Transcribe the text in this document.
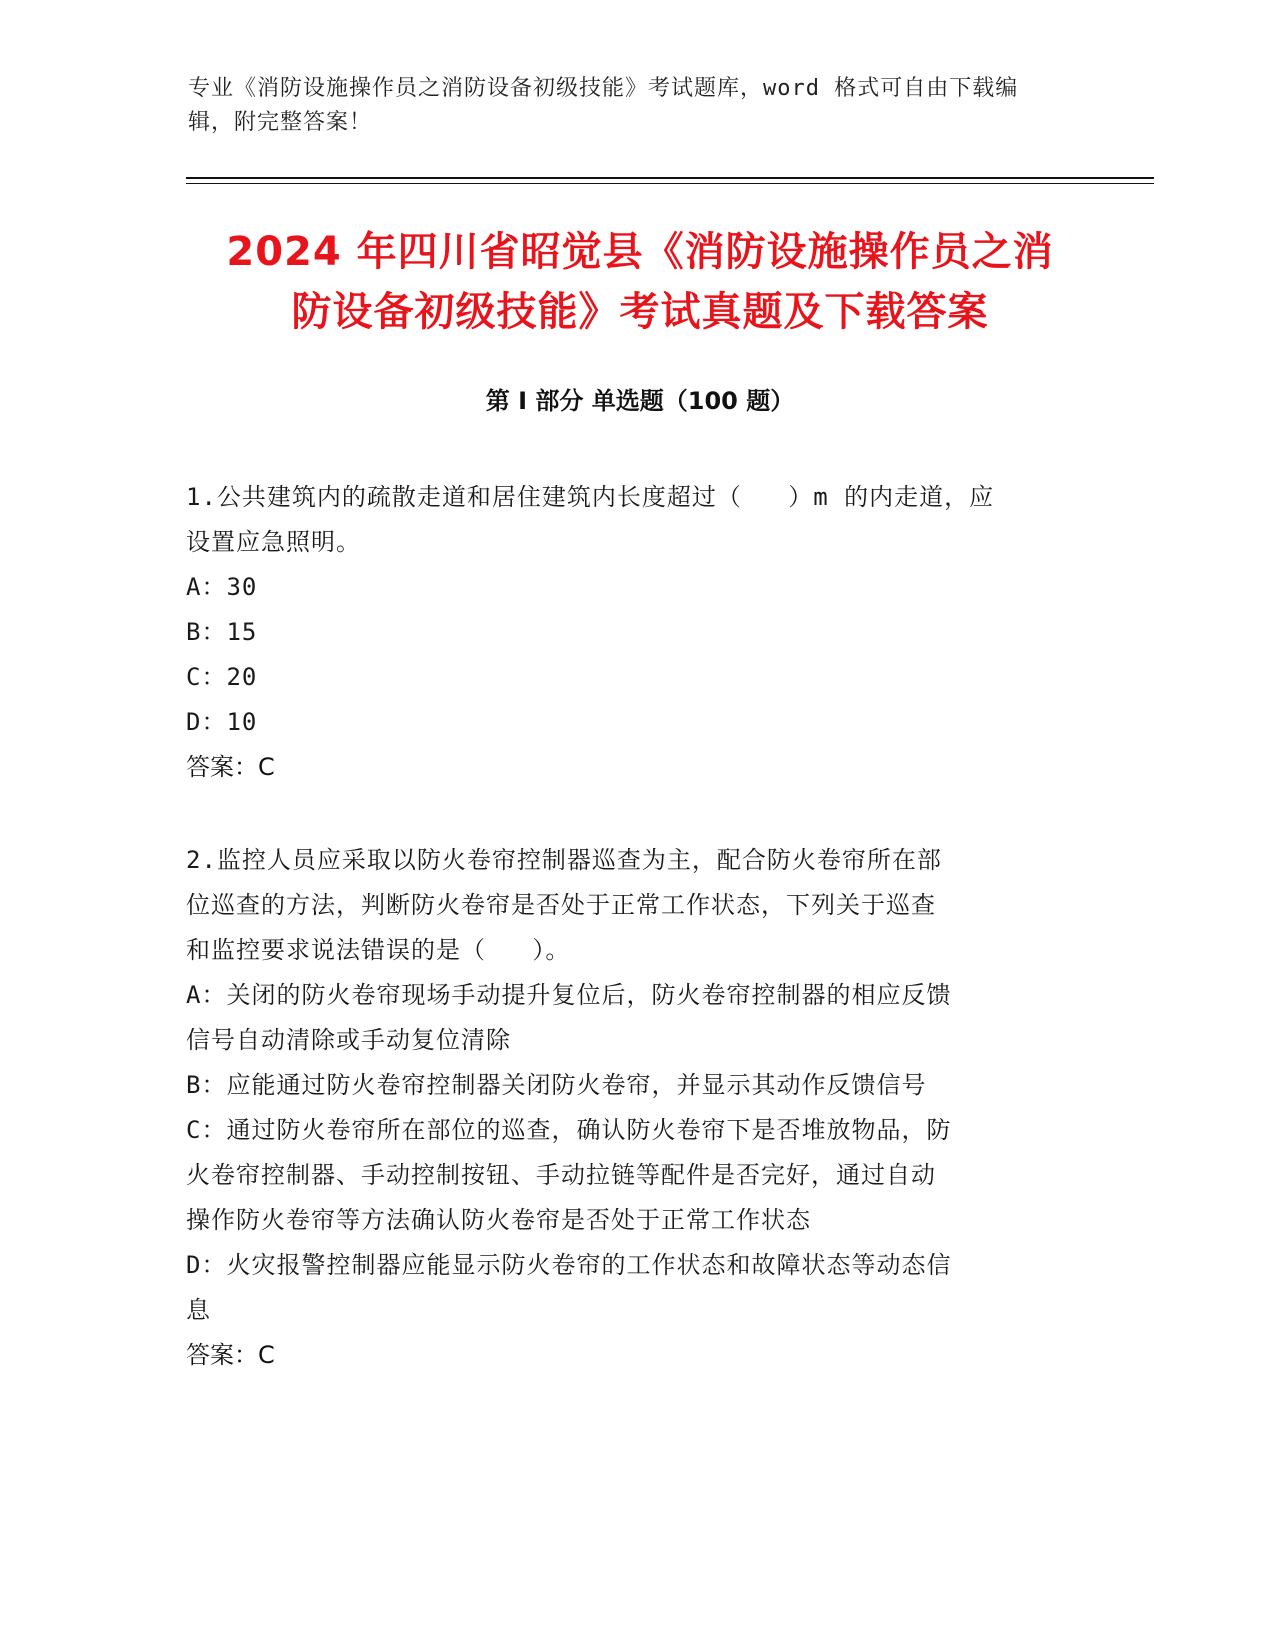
专业《消防设施操作员之消防设备初级技能》考试题库，word 格式可自由下载编
辑，附完整答案！
2024 年四川省昭觉县《消防设施操作员之消
防设备初级技能》考试真题及下载答案
第 I 部分 单选题（100 题）
1.公共建筑内的疏散走道和居住建筑内长度超过（   ）m 的内走道，应
设置应急照明。
A：30
B：15
C：20
D：10
答案：C
2.监控人员应采取以防火卷帘控制器巡查为主，配合防火卷帘所在部
位巡查的方法，判断防火卷帘是否处于正常工作状态，下列关于巡查
和监控要求说法错误的是（   ）。
A：关闭的防火卷帘现场手动提升复位后，防火卷帘控制器的相应反馈
信号自动清除或手动复位清除
B：应能通过防火卷帘控制器关闭防火卷帘，并显示其动作反馈信号
C：通过防火卷帘所在部位的巡查，确认防火卷帘下是否堆放物品，防
火卷帘控制器、手动控制按钮、手动拉链等配件是否完好，通过自动
操作防火卷帘等方法确认防火卷帘是否处于正常工作状态
D：火灾报警控制器应能显示防火卷帘的工作状态和故障状态等动态信
息
答案：C
